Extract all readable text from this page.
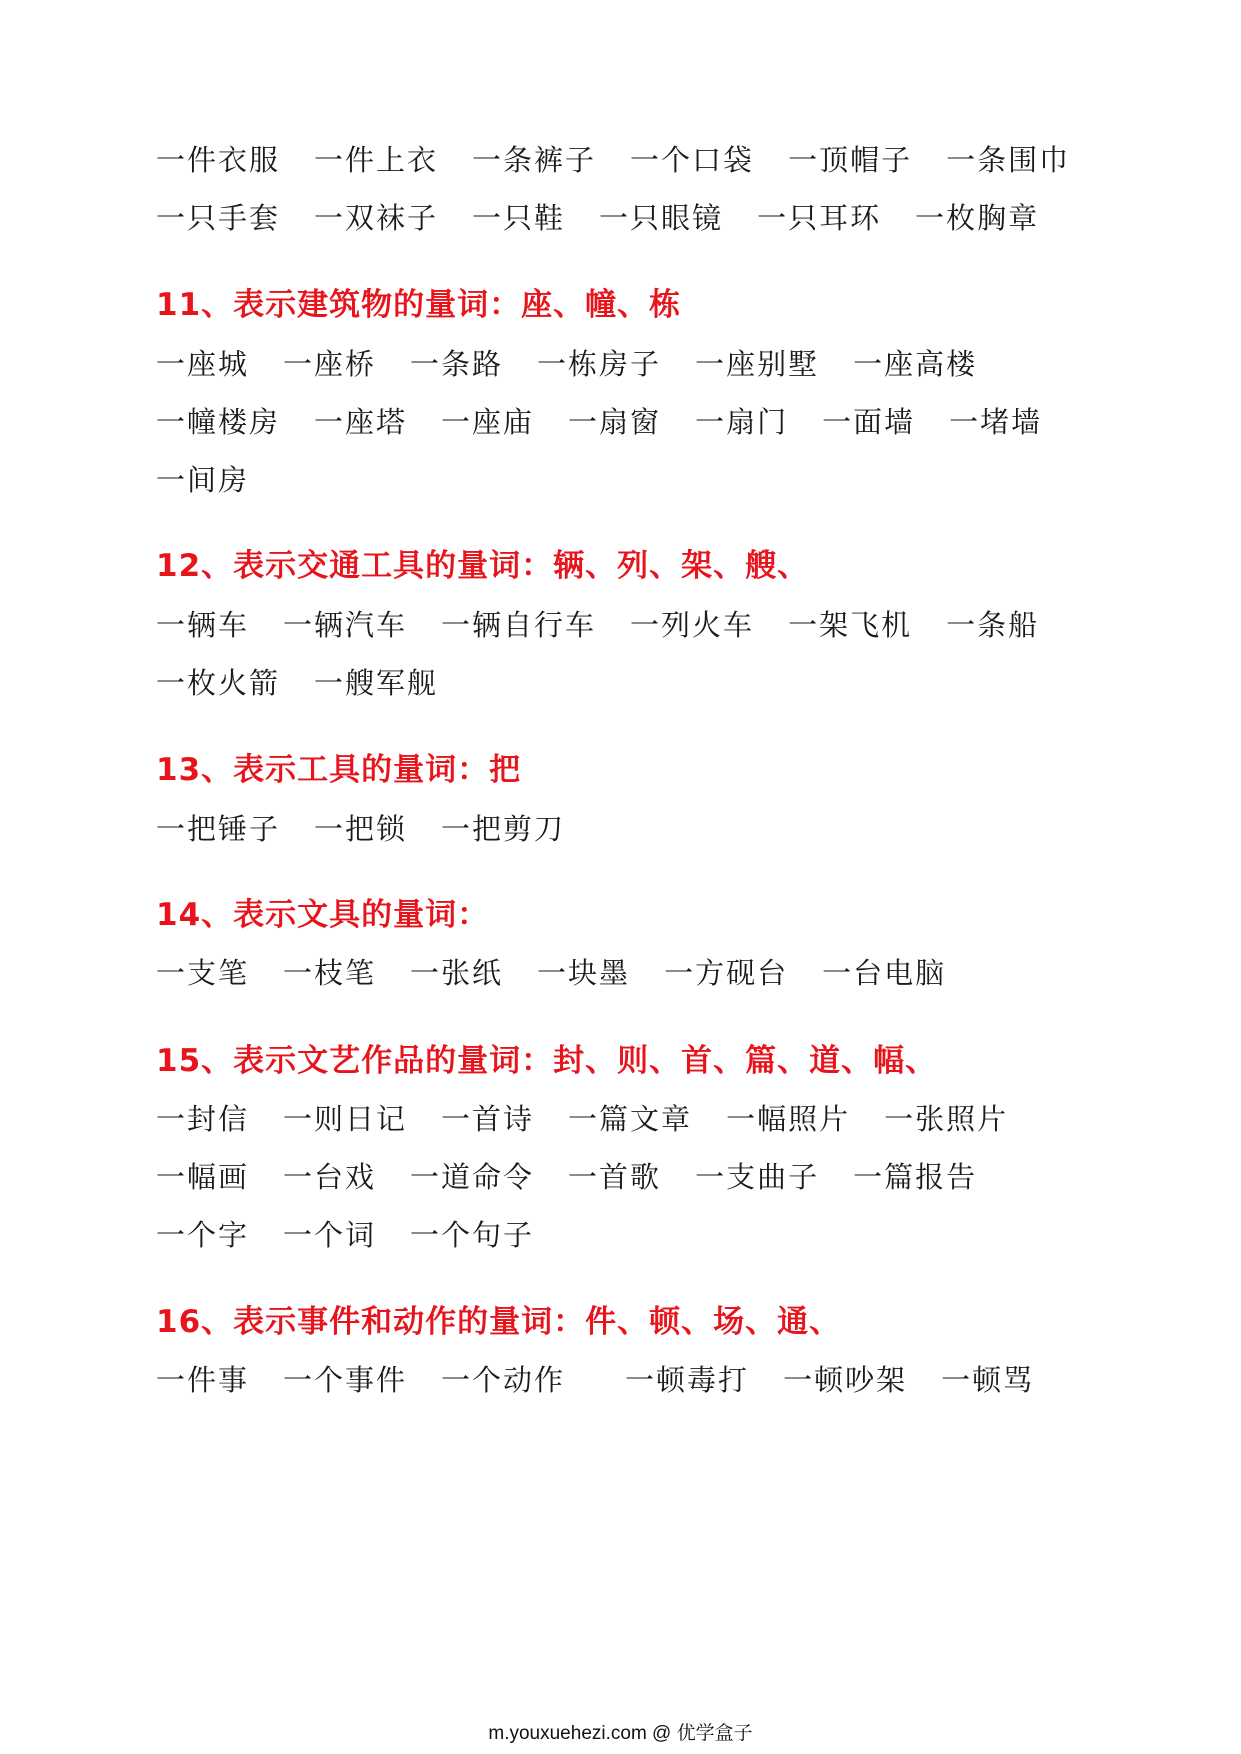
一件衣服 一件上衣 一条裤子 一个口袋 一顶帽子 一条围巾
一只手套 一双袜子 一只鞋 一只眼镜 一只耳环 一枚胸章
11、表示建筑物的量词：座、幢、栋
一座城 一座桥 一条路 一栋房子 一座别墅 一座高楼
一幢楼房 一座塔 一座庙 一扇窗 一扇门 一面墙 一堵墙
一间房
12、表示交通工具的量词：辆、列、架、艘、
一辆车 一辆汽车 一辆自行车 一列火车 一架飞机 一条船
一枚火箭 一艘军舰
13、表示工具的量词：把
一把锤子 一把锁 一把剪刀
14、表示文具的量词：
一支笔 一枝笔 一张纸 一块墨 一方砚台 一台电脑
15、表示文艺作品的量词：封、则、首、篇、道、幅、
一封信 一则日记 一首诗 一篇文章 一幅照片 一张照片
一幅画 一台戏 一道命令 一首歌 一支曲子 一篇报告
一个字 一个词 一个句子
16、表示事件和动作的量词：件、顿、场、通、
一件事 一个事件 一个动作 一顿毒打 一顿吵架 一顿骂
m.youxuehezi.com @ 优学盒子
